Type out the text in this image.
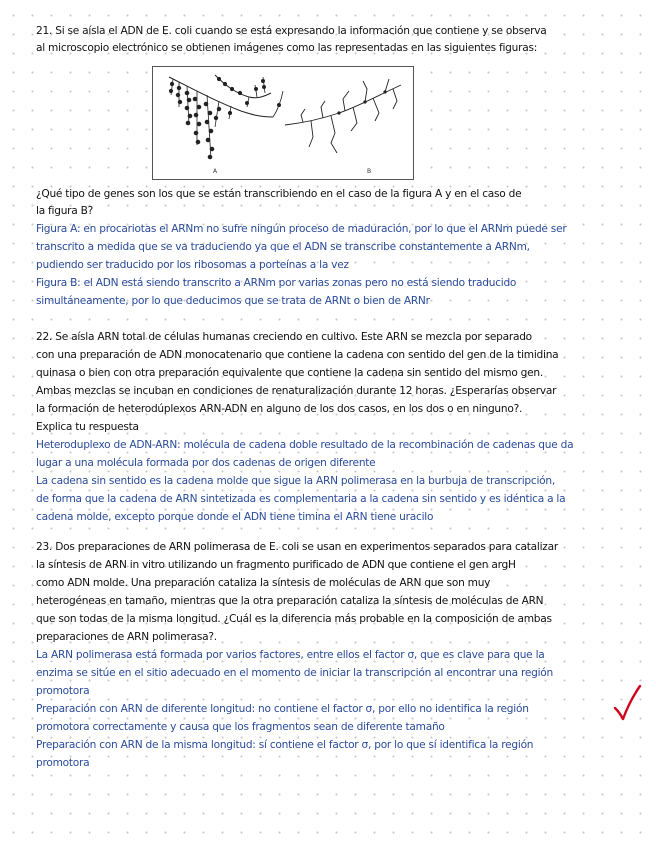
21. Si se aísla el ADN de E. coli cuando se está expresando la información que contiene y se observa
al microscopio electrónico se obtienen imágenes como las representadas en las siguientes figuras:
A	B
¿Qué tipo de genes son los que se están transcribiendo en el caso de la figura A y en el caso de
la figura B?
Figura A: en procariotas el ARNm no sufre ningún proceso de maduración, por lo que el ARNm puede ser
transcrito a medida que se va traduciendo ya que el ADN se transcribe constantemente a ARNm,
pudiendo ser traducido por los ribosomas a porteínas a la vez
Figura B: el ADN está siendo transcrito a ARNm por varias zonas pero no está siendo traducido
simultáneamente, por lo que deducimos que se trata de ARNt o bien de ARNr
22. Se aísla ARN total de células humanas creciendo en cultivo. Este ARN se mezcla por separado
con una preparación de ADN monocatenario que contiene la cadena con sentido del gen de la timidina
quinasa o bien con otra preparación equivalente que contiene la cadena sin sentido del mismo gen.
Ambas mezclas se incuban en condiciones de renaturalización durante 12 horas. ¿Esperarías observar
la formación de heterodúplexos ARN-ADN en alguno de los dos casos, en los dos o en ninguno?.
Explica tu respuesta
Heteroduplexo de ADN-ARN: molécula de cadena doble resultado de la recombinación de cadenas que da
lugar a una molécula formada por dos cadenas de origen diferente
La cadena sin sentido es la cadena molde que sigue la ARN polimerasa en la burbuja de transcripción,
de forma que la cadena de ARN sintetizada es complementaria a la cadena sin sentido y es idéntica a la
cadena molde, excepto porque donde el ADN tiene timina el ARN tiene uracilo
23. Dos preparaciones de ARN polimerasa de E. coli se usan en experimentos separados para catalizar
la síntesis de ARN in vitro utilizando un fragmento purificado de ADN que contiene el gen argH
como ADN molde. Una preparación cataliza la síntesis de moléculas de ARN que son muy
heterogéneas en tamaño, mientras que la otra preparación cataliza la síntesis de moléculas de ARN
que son todas de la misma longitud. ¿Cuál es la diferencia más probable en la composición de ambas
preparaciones de ARN polimerasa?.
La ARN polimerasa está formada por varios factores, entre ellos el factor σ, que es clave para que la
enzima se sitúe en el sitio adecuado en el momento de iniciar la transcripción al encontrar una región
promotora
Preparación con ARN de diferente longitud: no contiene el factor σ, por ello no identifica la región
promotora correctamente y causa que los fragmentos sean de diferente tamaño
Preparación con ARN de la misma longitud: sí contiene el factor σ, por lo que sí identifica la región
promotora
